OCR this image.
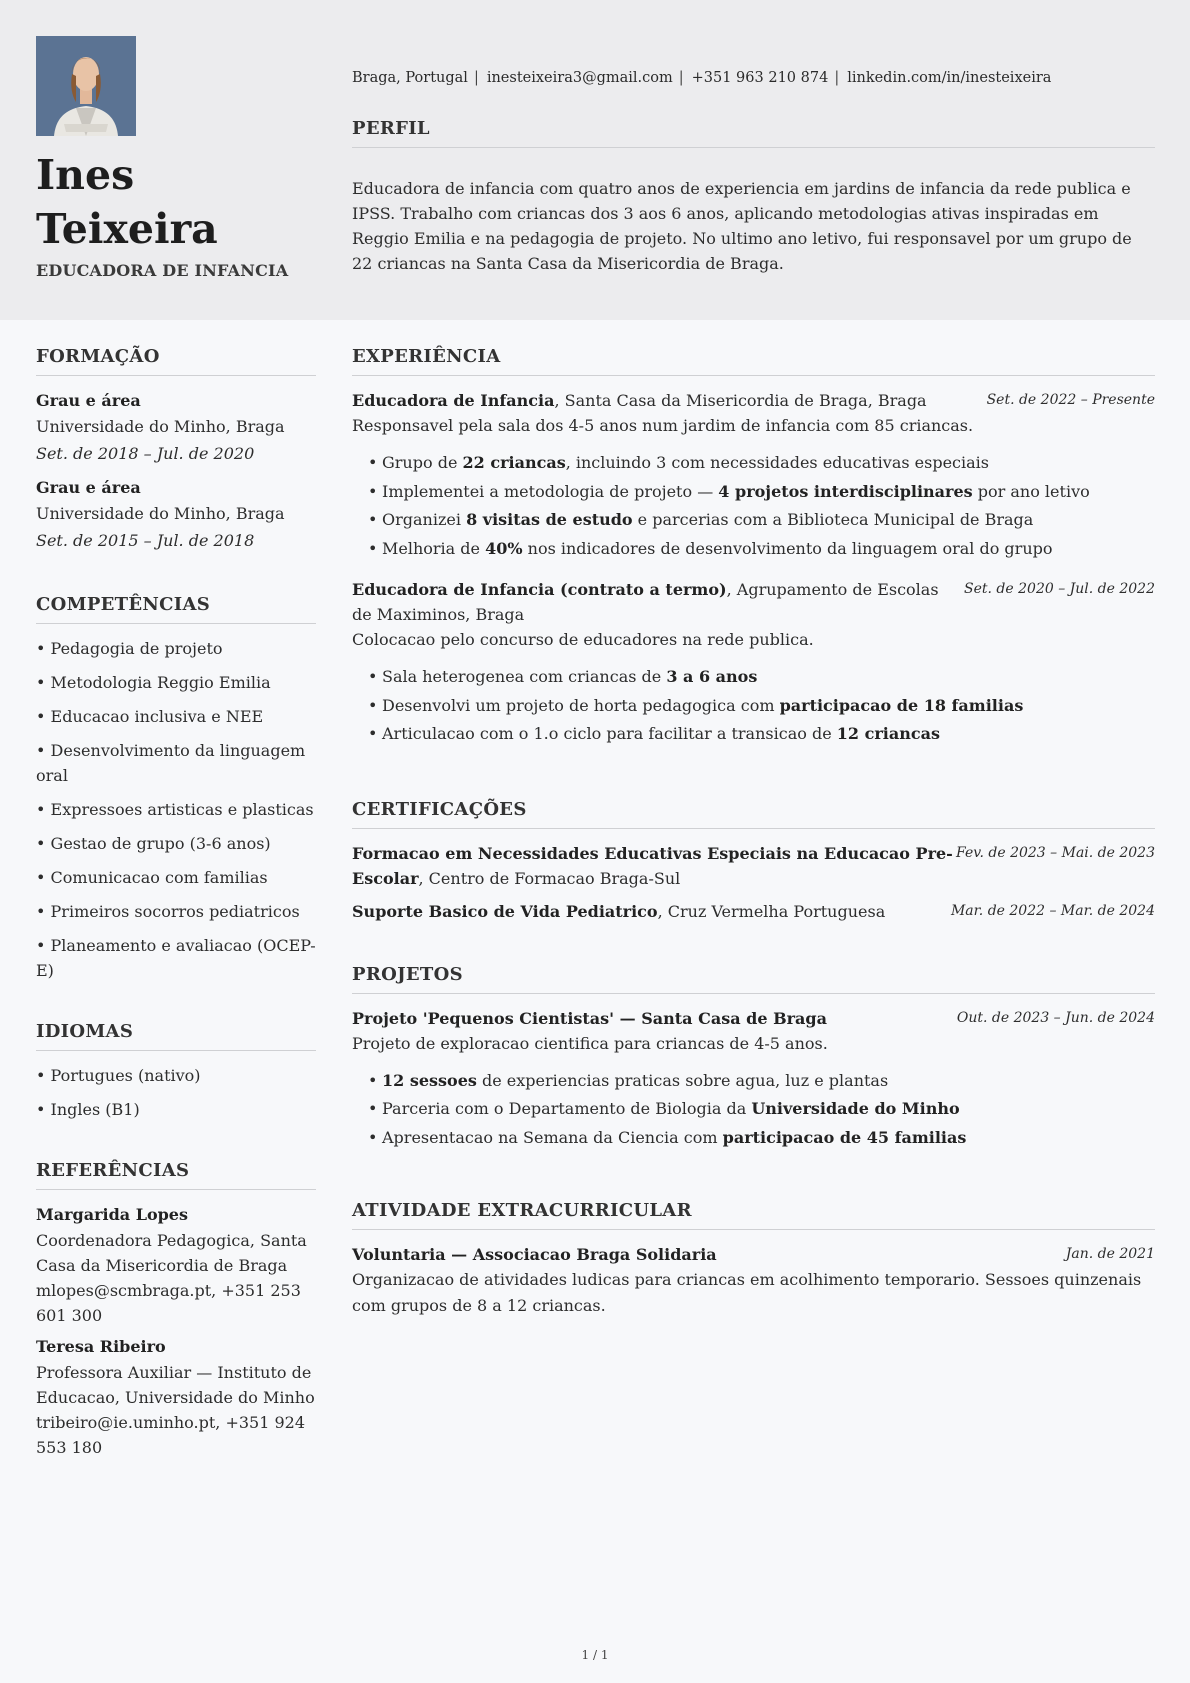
Ines
Teixeira
EDUCADORA DE INFANCIA
Braga, Portugal | inesteixeira3@gmail.com | +351 963 210 874 | linkedin.com/in/inesteixeira
PERFIL

Educadora de infancia com quatro anos de experiencia em jardins de infancia da rede publica e IPSS. Trabalho com criancas dos 3 aos 6 anos, aplicando metodologias ativas inspiradas em Reggio Emilia e na pedagogia de projeto. No ultimo ano letivo, fui responsavel por um grupo de 22 criancas na Santa Casa da Misericordia de Braga.

FORMAÇÃO
Grau e área
Universidade do Minho, Braga
Set. de 2018 – Jul. de 2020
Grau e área
Universidade do Minho, Braga
Set. de 2015 – Jul. de 2018
COMPETÊNCIAS
• Pedagogia de projeto
• Metodologia Reggio Emilia
• Educacao inclusiva e NEE
• Desenvolvimento da linguagem oral
• Expressoes artisticas e plasticas
• Gestao de grupo (3-6 anos)
• Comunicacao com familias
• Primeiros socorros pediatricos
• Planeamento e avaliacao (OCEP-E)
IDIOMAS
• Portugues (nativo)
• Ingles (B1)
REFERÊNCIAS
Margarida Lopes
Coordenadora Pedagogica, Santa Casa da Misericordia de Braga
mlopes@scmbraga.pt, +351 253 601 300
Teresa Ribeiro
Professora Auxiliar — Instituto de Educacao, Universidade do Minho
tribeiro@ie.uminho.pt, +351 924 553 180
EXPERIÊNCIA
Educadora de Infancia, Santa Casa da Misericordia de Braga, Braga	Set. de 2022 – Presente
Responsavel pela sala dos 4-5 anos num jardim de infancia com 85 criancas.
• Grupo de 22 criancas, incluindo 3 com necessidades educativas especiais
• Implementei a metodologia de projeto — 4 projetos interdisciplinares por ano letivo
• Organizei 8 visitas de estudo e parcerias com a Biblioteca Municipal de Braga
• Melhoria de 40% nos indicadores de desenvolvimento da linguagem oral do grupo
Educadora de Infancia (contrato a termo), Agrupamento de Escolas de Maximinos, Braga
Set. de 2020 – Jul. de 2022
Colocacao pelo concurso de educadores na rede publica.
• Sala heterogenea com criancas de 3 a 6 anos
• Desenvolvi um projeto de horta pedagogica com participacao de 18 familias
• Articulacao com o 1.o ciclo para facilitar a transicao de 12 criancas
CERTIFICAÇÕES
Formacao em Necessidades Educativas Especiais na Educacao Pre-Escolar, Centro de Formacao Braga-Sul
Fev. de 2023 – Mai. de 2023
Suporte Basico de Vida Pediatrico, Cruz Vermelha Portuguesa	Mar. de 2022 – Mar. de 2024
PROJETOS
Projeto 'Pequenos Cientistas' — Santa Casa de Braga	Out. de 2023 – Jun. de 2024
Projeto de exploracao cientifica para criancas de 4-5 anos.
• 12 sessoes de experiencias praticas sobre agua, luz e plantas
• Parceria com o Departamento de Biologia da Universidade do Minho
• Apresentacao na Semana da Ciencia com participacao de 45 familias
ATIVIDADE EXTRACURRICULAR
Voluntaria — Associacao Braga Solidaria	Jan. de 2021
Organizacao de atividades ludicas para criancas em acolhimento temporario. Sessoes quinzenais com grupos de 8 a 12 criancas.
1 / 1
